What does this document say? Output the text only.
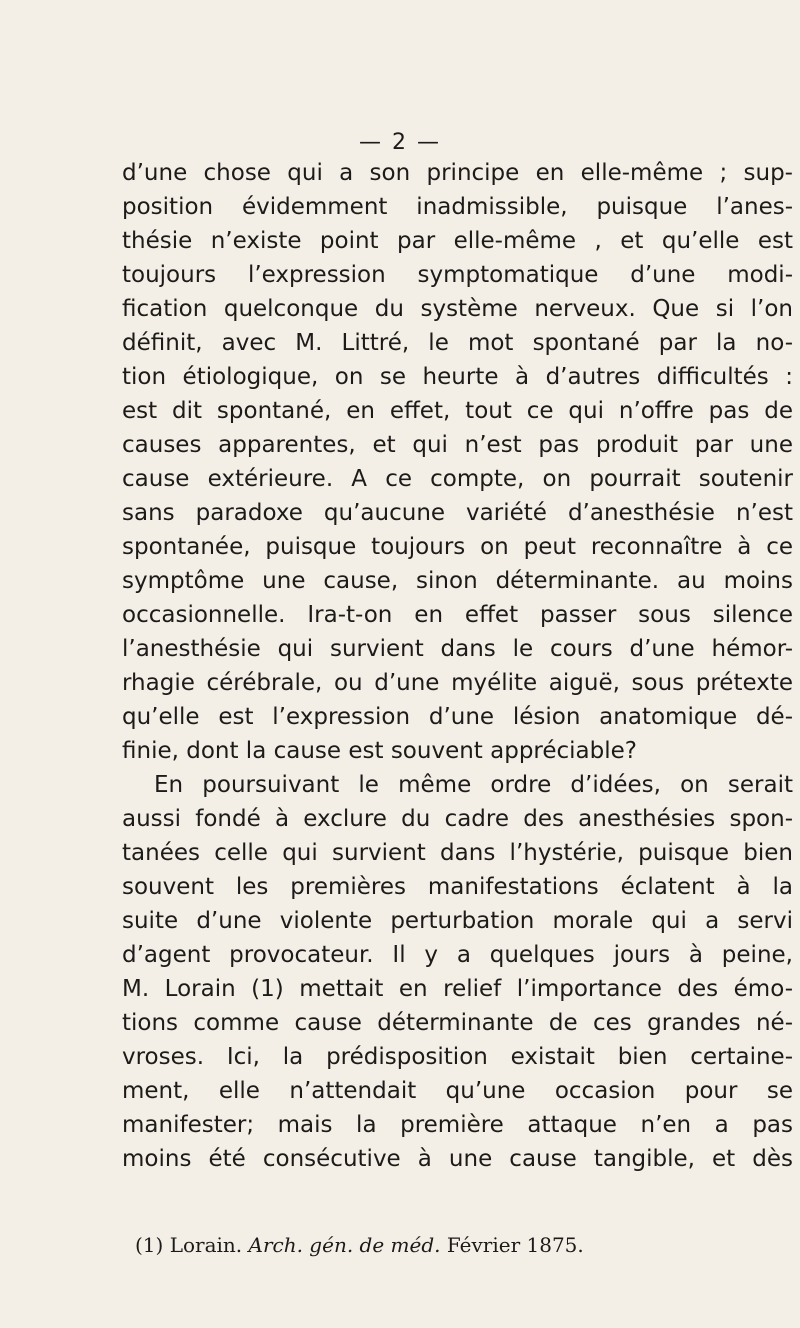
— 2 —
d’une chose qui a son principe en elle-même ; sup-
position évidemment inadmissible, puisque l’anes-
thésie n’existe point par elle-même , et qu’elle est
toujours l’expression symptomatique d’une modi-
fication quelconque du système nerveux. Que si l’on
définit, avec M. Littré, le mot spontané par la no-
tion étiologique, on se heurte à d’autres difficultés :
est dit spontané, en effet, tout ce qui n’offre pas de
causes apparentes, et qui n’est pas produit par une
cause extérieure. A ce compte, on pourrait soutenir
sans paradoxe qu’aucune variété d’anesthésie n’est
spontanée, puisque toujours on peut reconnaître à ce
symptôme une cause, sinon déterminante. au moins
occasionnelle. Ira-t-on en effet passer sous silence
l’anesthésie qui survient dans le cours d’une hémor-
rhagie cérébrale, ou d’une myélite aiguë, sous prétexte
qu’elle est l’expression d’une lésion anatomique dé-
finie, dont la cause est souvent appréciable?
En poursuivant le même ordre d’idées, on serait
aussi fondé à exclure du cadre des anesthésies spon-
tanées celle qui survient dans l’hystérie, puisque bien
souvent les premières manifestations éclatent à la
suite d’une violente perturbation morale qui a servi
d’agent provocateur. Il y a quelques jours à peine,
M. Lorain (1) mettait en relief l’importance des émo-
tions comme cause déterminante de ces grandes né-
vroses. Ici, la prédisposition existait bien certaine-
ment, elle n’attendait qu’une occasion pour se
manifester; mais la première attaque n’en a pas
moins été consécutive à une cause tangible, et dès
(1) Lorain. Arch. gén. de méd. Février 1875.
